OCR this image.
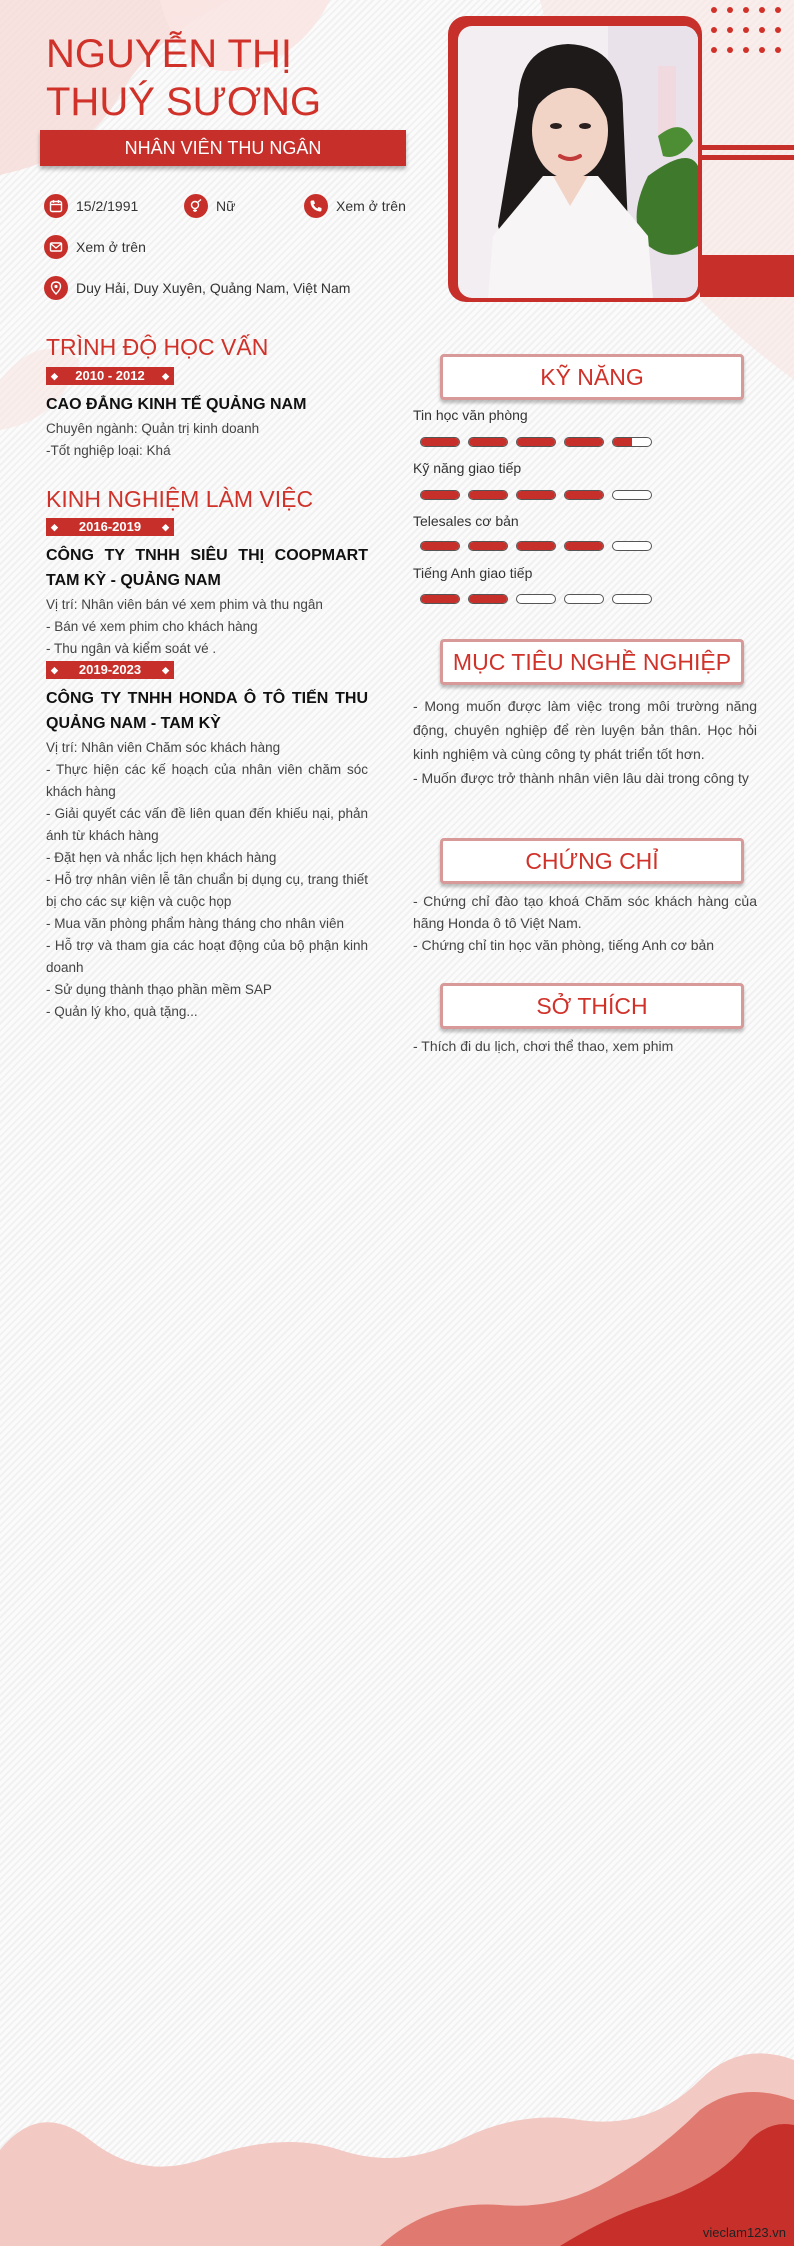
NGUYỄN THỊ
THUÝ SƯƠNG
NHÂN VIÊN THU NGÂN
15/2/1991	Nữ	Xem ở trên
Xem ở trên
Duy Hải, Duy Xuyên, Quảng Nam, Việt Nam
TRÌNH ĐỘ HỌC VẤN
◆ 2010 - 2012 ◆
CAO ĐẲNG KINH TẾ QUẢNG NAM
Chuyên ngành: Quản trị kinh doanh
-Tốt nghiệp loại: Khá
KINH NGHIỆM LÀM VIỆC
◆ 2016-2019 ◆
CÔNG TY TNHH SIÊU THỊ COOPMART TAM KỲ - QUẢNG NAM
Vị trí: Nhân viên bán vé xem phim và thu ngân
- Bán vé xem phim cho khách hàng
- Thu ngân và kiểm soát vé .
◆ 2019-2023 ◆
CÔNG TY TNHH HONDA Ô TÔ TIẾN THU QUẢNG NAM - TAM KỲ
Vị trí: Nhân viên Chăm sóc khách hàng
- Thực hiện các kế hoạch của nhân viên chăm sóc khách hàng
- Giải quyết các vấn đề liên quan đến khiếu nại, phản ánh từ khách hàng
- Đặt hẹn và nhắc lịch hẹn khách hàng
- Hỗ trợ nhân viên lễ tân chuẩn bị dụng cụ, trang thiết bị cho các sự kiện và cuộc họp
- Mua văn phòng phẩm hàng tháng cho nhân viên
- Hỗ trợ và tham gia các hoạt động của bộ phận kinh doanh
- Sử dụng thành thạo phần mềm SAP
- Quản lý kho, quà tặng...
KỸ NĂNG
Tin học văn phòng
Kỹ năng giao tiếp
Telesales cơ bản
Tiếng Anh giao tiếp
MỤC TIÊU NGHỀ NGHIỆP
- Mong muốn được làm việc trong môi trường năng động, chuyên nghiệp để rèn luyện bản thân. Học hỏi kinh nghiệm và cùng công ty phát triển tốt hơn.
- Muốn được trở thành nhân viên lâu dài trong công ty
CHỨNG CHỈ
- Chứng chỉ đào tạo khoá Chăm sóc khách hàng của hãng Honda ô tô Việt Nam.
- Chứng chỉ tin học văn phòng, tiếng Anh cơ bản
SỞ THÍCH
- Thích đi du lịch, chơi thể thao, xem phim
vieclam123.vn
